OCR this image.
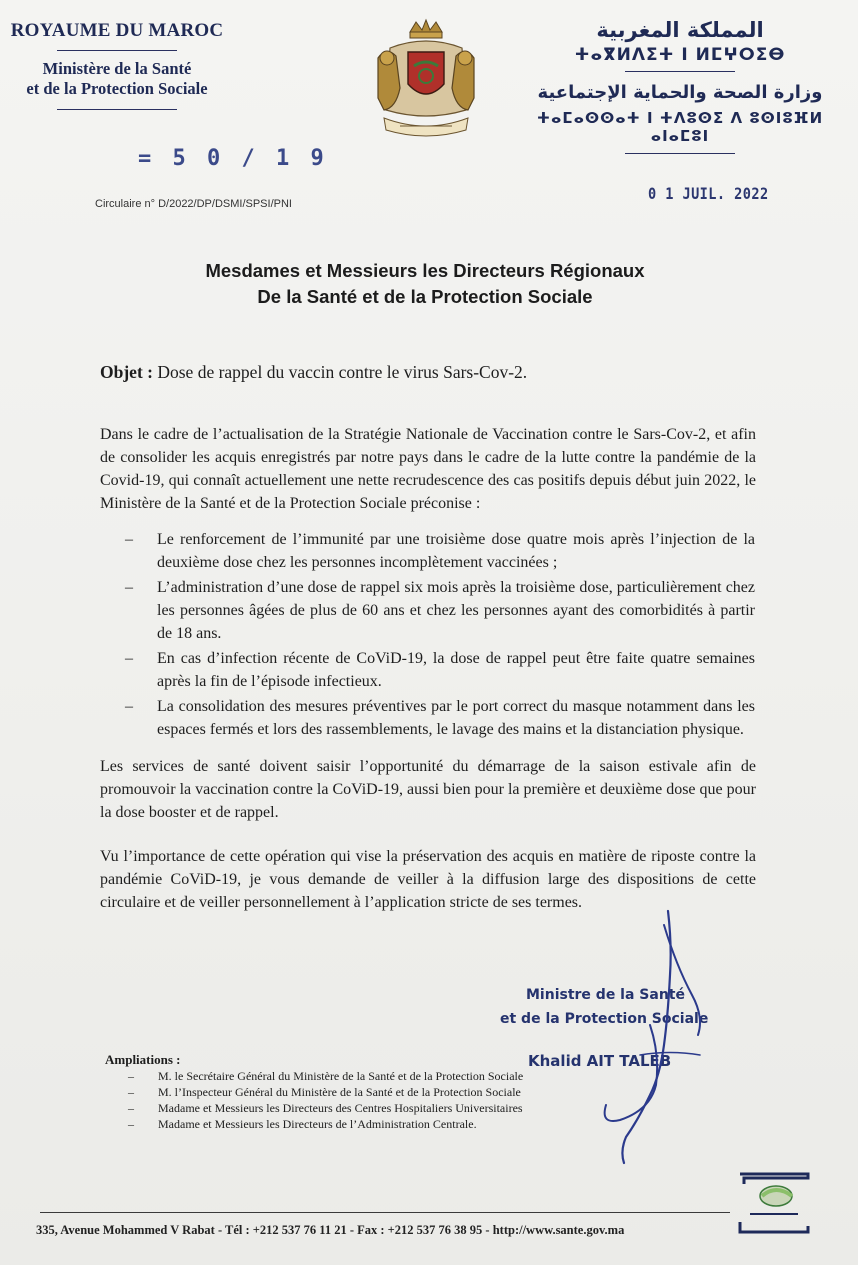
ROYAUME DU MAROC
Ministère de la Santé
et de la Protection Sociale
المملكة المغربية
ⵜⴰⴳⵍⴷⵉⵜ ⵏ ⵍⵎⵖⵔⵉⴱ
وزارة الصحة والحماية الإجتماعية
ⵜⴰⵎⴰⵙⵙⴰⵜ ⵏ ⵜⴷⵓⵙⵉ ⴷ ⵓⵙⵏⵓⴼⵍ ⴰⵏⴰⵎⵓⵏ
= 5 0 / 1 9
Circulaire n° D/2022/DP/DSMI/SPSI/PNI
0 1 JUIL. 2022
Mesdames et Messieurs les Directeurs Régionaux
De la Santé et de la Protection Sociale
Objet : Dose de rappel du vaccin contre le virus Sars-Cov-2.
Dans le cadre de l’actualisation de la Stratégie Nationale de Vaccination contre le Sars-Cov-2, et afin de consolider les acquis enregistrés par notre pays dans le cadre de la lutte contre la pandémie de la Covid-19, qui connaît actuellement une nette recrudescence des cas positifs depuis début juin 2022, le Ministère de la Santé et de la Protection Sociale préconise :
– Le renforcement de l’immunité par une troisième dose quatre mois après l’injection de la deuxième dose chez les personnes incomplètement vaccinées ;
– L’administration d’une dose de rappel six mois après la troisième dose, particulièrement chez les personnes âgées de plus de 60 ans et chez les personnes ayant des comorbidités à partir de 18 ans.
– En cas d’infection récente de CoViD-19, la dose de rappel peut être faite quatre semaines après la fin de l’épisode infectieux.
– La consolidation des mesures préventives par le port correct du masque notamment dans les espaces fermés et lors des rassemblements, le lavage des mains et la distanciation physique.
Les services de santé doivent saisir l’opportunité du démarrage de la saison estivale afin de promouvoir la vaccination contre la CoViD-19, aussi bien pour la première et deuxième dose que pour la dose booster et de rappel.
Vu l’importance de cette opération qui vise la préservation des acquis en matière de riposte contre la pandémie CoViD-19, je vous demande de veiller à la diffusion large des dispositions de cette circulaire et de veiller personnellement à l’application stricte de ses termes.
Ministre de la Santé
et de la Protection Sociale
Khalid AIT TALEB
Ampliations :
– M. le Secrétaire Général du Ministère de la Santé et de la Protection Sociale
– M. l’Inspecteur Général du Ministère de la Santé et de la Protection Sociale
– Madame et Messieurs les Directeurs des Centres Hospitaliers Universitaires
– Madame et Messieurs les Directeurs de l’Administration Centrale.
335, Avenue Mohammed V Rabat - Tél : +212 537 76 11 21 - Fax : +212 537 76 38 95 - http://www.sante.gov.ma
